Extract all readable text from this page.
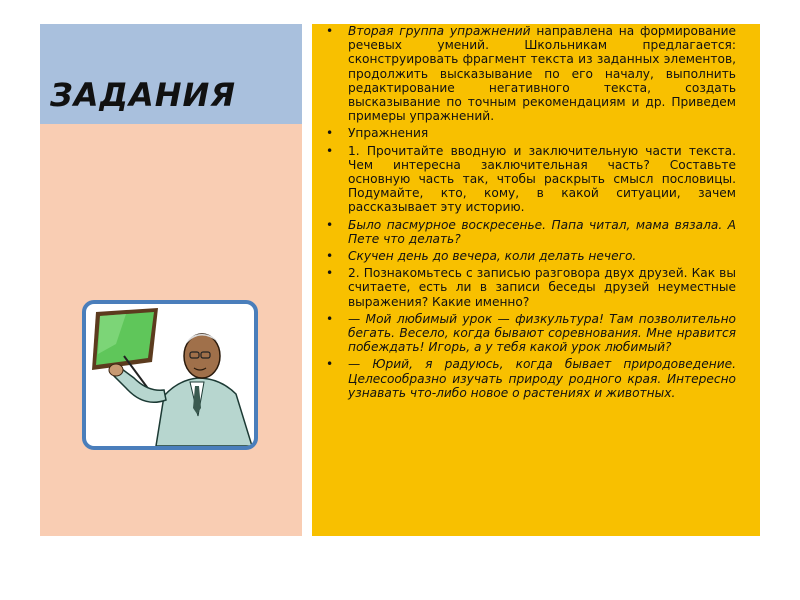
ЗАДАНИЯ
•	Вторая группа упражнений направлена на формирование речевых умений. Школьникам предлагается: сконструировать фрагмент текста из заданных элементов, продолжить высказывание по его началу, выполнить редактирование негативного текста, создать высказывание по точным рекомендациям и др. Приведем примеры упражнений.
•	Упражнения
•	1. Прочитайте вводную и заключительную части текста. Чем интересна заключительная часть? Составьте основную часть так, чтобы раскрыть смысл пословицы. Подумайте, кто, кому, в какой ситуации, зачем рассказывает эту историю.
•	Было пасмурное воскресенье. Папа читал, мама вязала. А Пете что делать?
•	Скучен день до вечера, коли делать нечего.
•	2. Познакомьтесь с записью разговора двух друзей. Как вы считаете, есть ли в записи беседы друзей неуместные выражения? Какие именно?
•	— Мой любимый урок — физкультура! Там позволительно бегать. Весело, когда бывают соревнования. Мне нравится побеждать! Игорь, а у тебя какой урок любимый?
•	— Юрий, я радуюсь, когда бывает природоведение. Целесообразно изучать природу родного края. Интересно узнавать что-либо новое о растениях и животных.
